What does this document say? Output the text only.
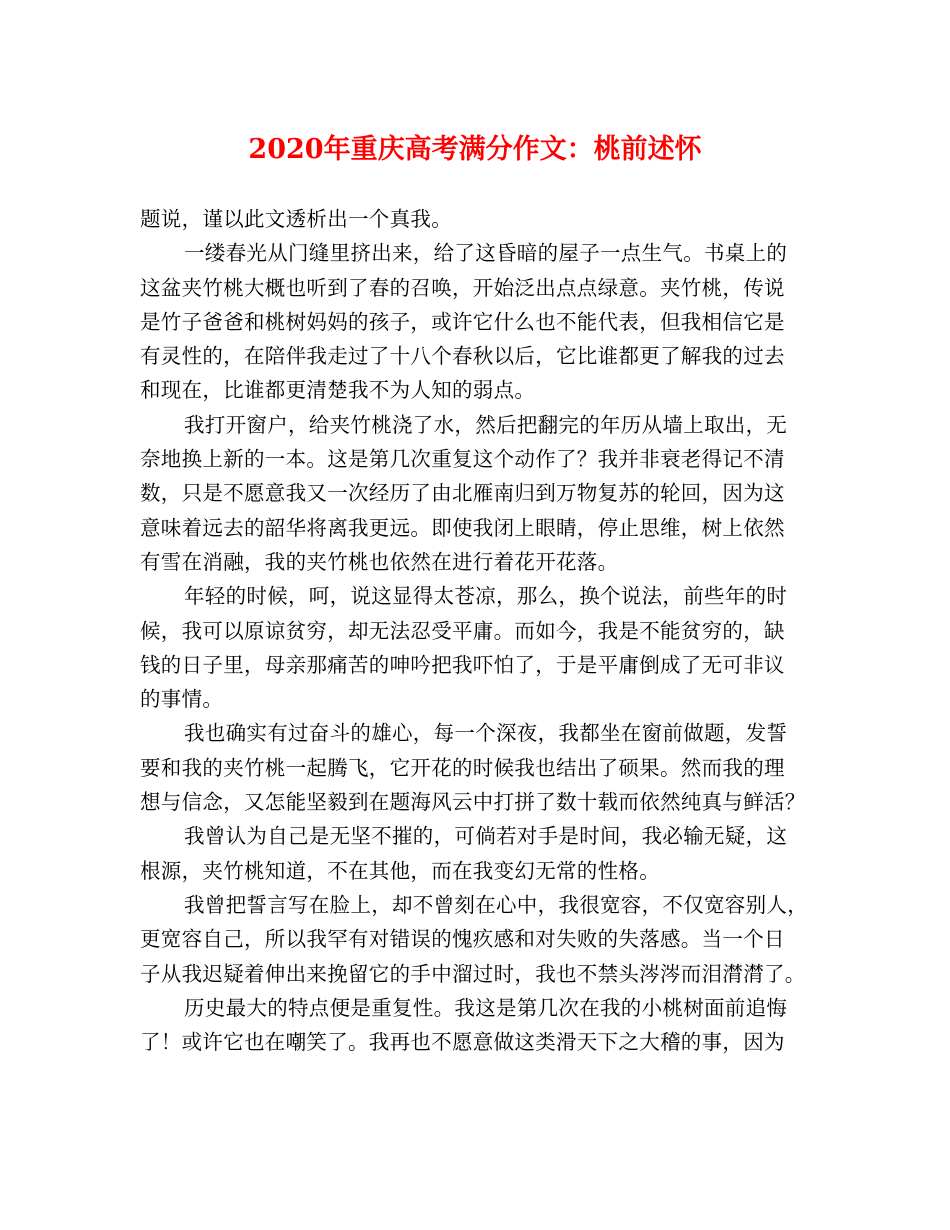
2020年重庆高考满分作文：桃前述怀
题说，谨以此文透析出一个真我。
一缕春光从门缝里挤出来，给了这昏暗的屋子一点生气。书桌上的
这盆夹竹桃大概也听到了春的召唤，开始泛出点点绿意。夹竹桃，传说
是竹子爸爸和桃树妈妈的孩子，或许它什么也不能代表，但我相信它是
有灵性的，在陪伴我走过了十八个春秋以后，它比谁都更了解我的过去
和现在，比谁都更清楚我不为人知的弱点。
我打开窗户，给夹竹桃浇了水，然后把翻完的年历从墙上取出，无
奈地换上新的一本。这是第几次重复这个动作了？我并非衰老得记不清
数，只是不愿意我又一次经历了由北雁南归到万物复苏的轮回，因为这
意味着远去的韶华将离我更远。即使我闭上眼睛，停止思维，树上依然
有雪在消融，我的夹竹桃也依然在进行着花开花落。
年轻的时候，呵，说这显得太苍凉，那么，换个说法，前些年的时
候，我可以原谅贫穷，却无法忍受平庸。而如今，我是不能贫穷的，缺
钱的日子里，母亲那痛苦的呻吟把我吓怕了，于是平庸倒成了无可非议
的事情。
我也确实有过奋斗的雄心，每一个深夜，我都坐在窗前做题，发誓
要和我的夹竹桃一起腾飞，它开花的时候我也结出了硕果。然而我的理
想与信念，又怎能坚毅到在题海风云中打拼了数十载而依然纯真与鲜活？
我曾认为自己是无坚不摧的，可倘若对手是时间，我必输无疑，这
根源，夹竹桃知道，不在其他，而在我变幻无常的性格。
我曾把誓言写在脸上，却不曾刻在心中，我很宽容，不仅宽容别人，
更宽容自己，所以我罕有对错误的愧疚感和对失败的失落感。当一个日
子从我迟疑着伸出来挽留它的手中溜过时，我也不禁头涔涔而泪潸潸了。
历史最大的特点便是重复性。我这是第几次在我的小桃树面前追悔
了！或许它也在嘲笑了。我再也不愿意做这类滑天下之大稽的事，因为
